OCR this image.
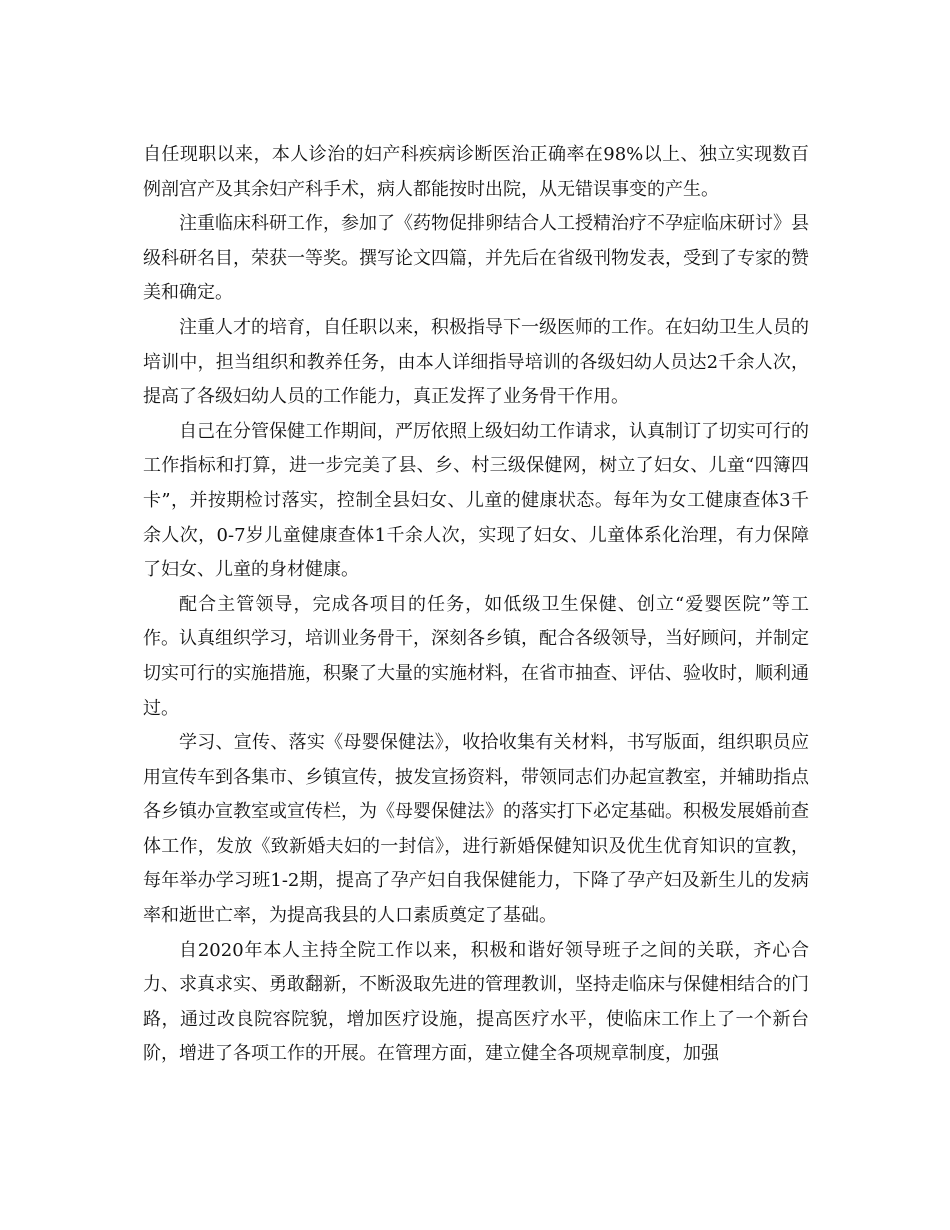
自任现职以来，本人诊治的妇产科疾病诊断医治正确率在98%以上、独立实现数百例剖宫产及其余妇产科手术，病人都能按时出院，从无错误事变的产生。

注重临床科研工作，参加了《药物促排卵结合人工授精治疗不孕症临床研讨》县级科研名目，荣获一等奖。撰写论文四篇，并先后在省级刊物发表，受到了专家的赞美和确定。

注重人才的培育，自任职以来，积极指导下一级医师的工作。在妇幼卫生人员的培训中，担当组织和教养任务，由本人详细指导培训的各级妇幼人员达2千余人次，提高了各级妇幼人员的工作能力，真正发挥了业务骨干作用。

自己在分管保健工作期间，严厉依照上级妇幼工作请求，认真制订了切实可行的工作指标和打算，进一步完美了县、乡、村三级保健网，树立了妇女、儿童“四簿四卡”，并按期检讨落实，控制全县妇女、儿童的健康状态。每年为女工健康查体3千余人次，0-7岁儿童健康查体1千余人次，实现了妇女、儿童体系化治理，有力保障了妇女、儿童的身材健康。

配合主管领导，完成各项目的任务，如低级卫生保健、创立“爱婴医院”等工作。认真组织学习，培训业务骨干，深刻各乡镇，配合各级领导，当好顾问，并制定切实可行的实施措施，积聚了大量的实施材料，在省市抽查、评估、验收时，顺利通过。

学习、宣传、落实《母婴保健法》，收拾收集有关材料，书写版面，组织职员应用宣传车到各集市、乡镇宣传，披发宣扬资料，带领同志们办起宣教室，并辅助指点各乡镇办宣教室或宣传栏，为《母婴保健法》的落实打下必定基础。积极发展婚前查体工作，发放《致新婚夫妇的一封信》，进行新婚保健知识及优生优育知识的宣教，每年举办学习班1-2期，提高了孕产妇自我保健能力，下降了孕产妇及新生儿的发病率和逝世亡率，为提高我县的人口素质奠定了基础。

自2020年本人主持全院工作以来，积极和谐好领导班子之间的关联，齐心合力、求真求实、勇敢翻新，不断汲取先进的管理教训，坚持走临床与保健相结合的门路，通过改良院容院貌，增加医疗设施，提高医疗水平，使临床工作上了一个新台阶，增进了各项工作的开展。在管理方面，建立健全各项规章制度，加强
